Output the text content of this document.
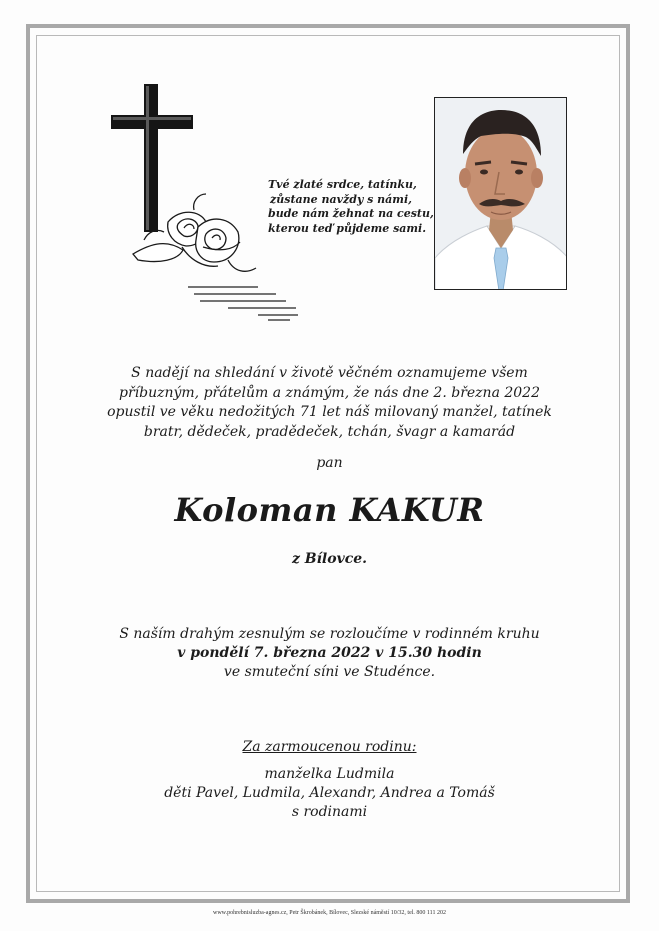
Tvé zlaté srdce, tatínku,
zůstane navždy s námi,
bude nám žehnat na cestu,
kterou teď půjdeme sami.
S nadějí na shledání v životě věčném oznamujeme všem
příbuzným, přátelům a známým, že nás dne 2. března 2022
opustil ve věku nedožitých 71 let náš milovaný manžel, tatínek
bratr, dědeček, pradědeček, tchán, švagr a kamarád
pan
Koloman KAKUR
z Bílovce.
S naším drahým zesnulým se rozloučíme v rodinném kruhu
v pondělí 7. března 2022 v 15.30 hodin
ve smuteční síni ve Studénce.
Za zarmoucenou rodinu:
manželka Ludmila
děti Pavel, Ludmila, Alexandr, Andrea a Tomáš
s rodinami
www.pohrebnisluzba-agnes.cz, Petr Škrobánek, Bílovec, Slezské náměstí 10/32, tel. 800 111 202
